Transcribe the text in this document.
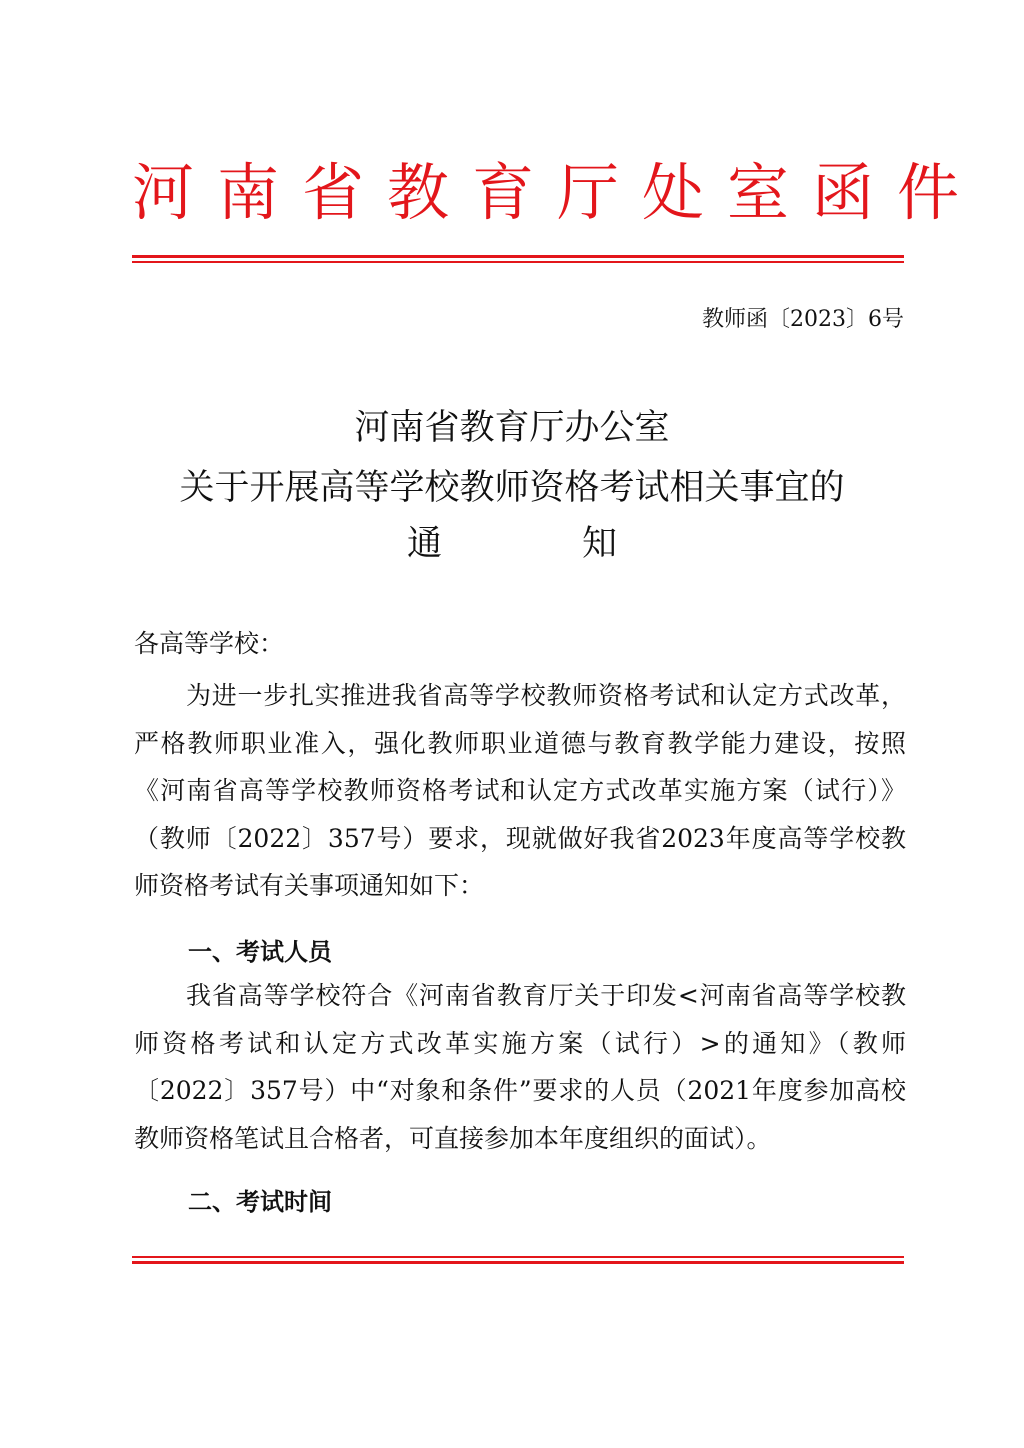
河南省教育厅处室函件
教师函〔2023〕6号
河南省教育厅办公室
关于开展高等学校教师资格考试相关事宜的
通知
各高等学校：
为进一步扎实推进我省高等学校教师资格考试和认定方式改革，严格教师职业准入，强化教师职业道德与教育教学能力建设，按照《河南省高等学校教师资格考试和认定方式改革实施方案（试行）》（教师〔2022〕357号）要求，现就做好我省2023年度高等学校教师资格考试有关事项通知如下：
一、考试人员
我省高等学校符合《河南省教育厅关于印发<河南省高等学校教师资格考试和认定方式改革实施方案（试行）>的通知》（教师〔2022〕357号）中“对象和条件”要求的人员（2021年度参加高校教师资格笔试且合格者，可直接参加本年度组织的面试）。
二、考试时间
